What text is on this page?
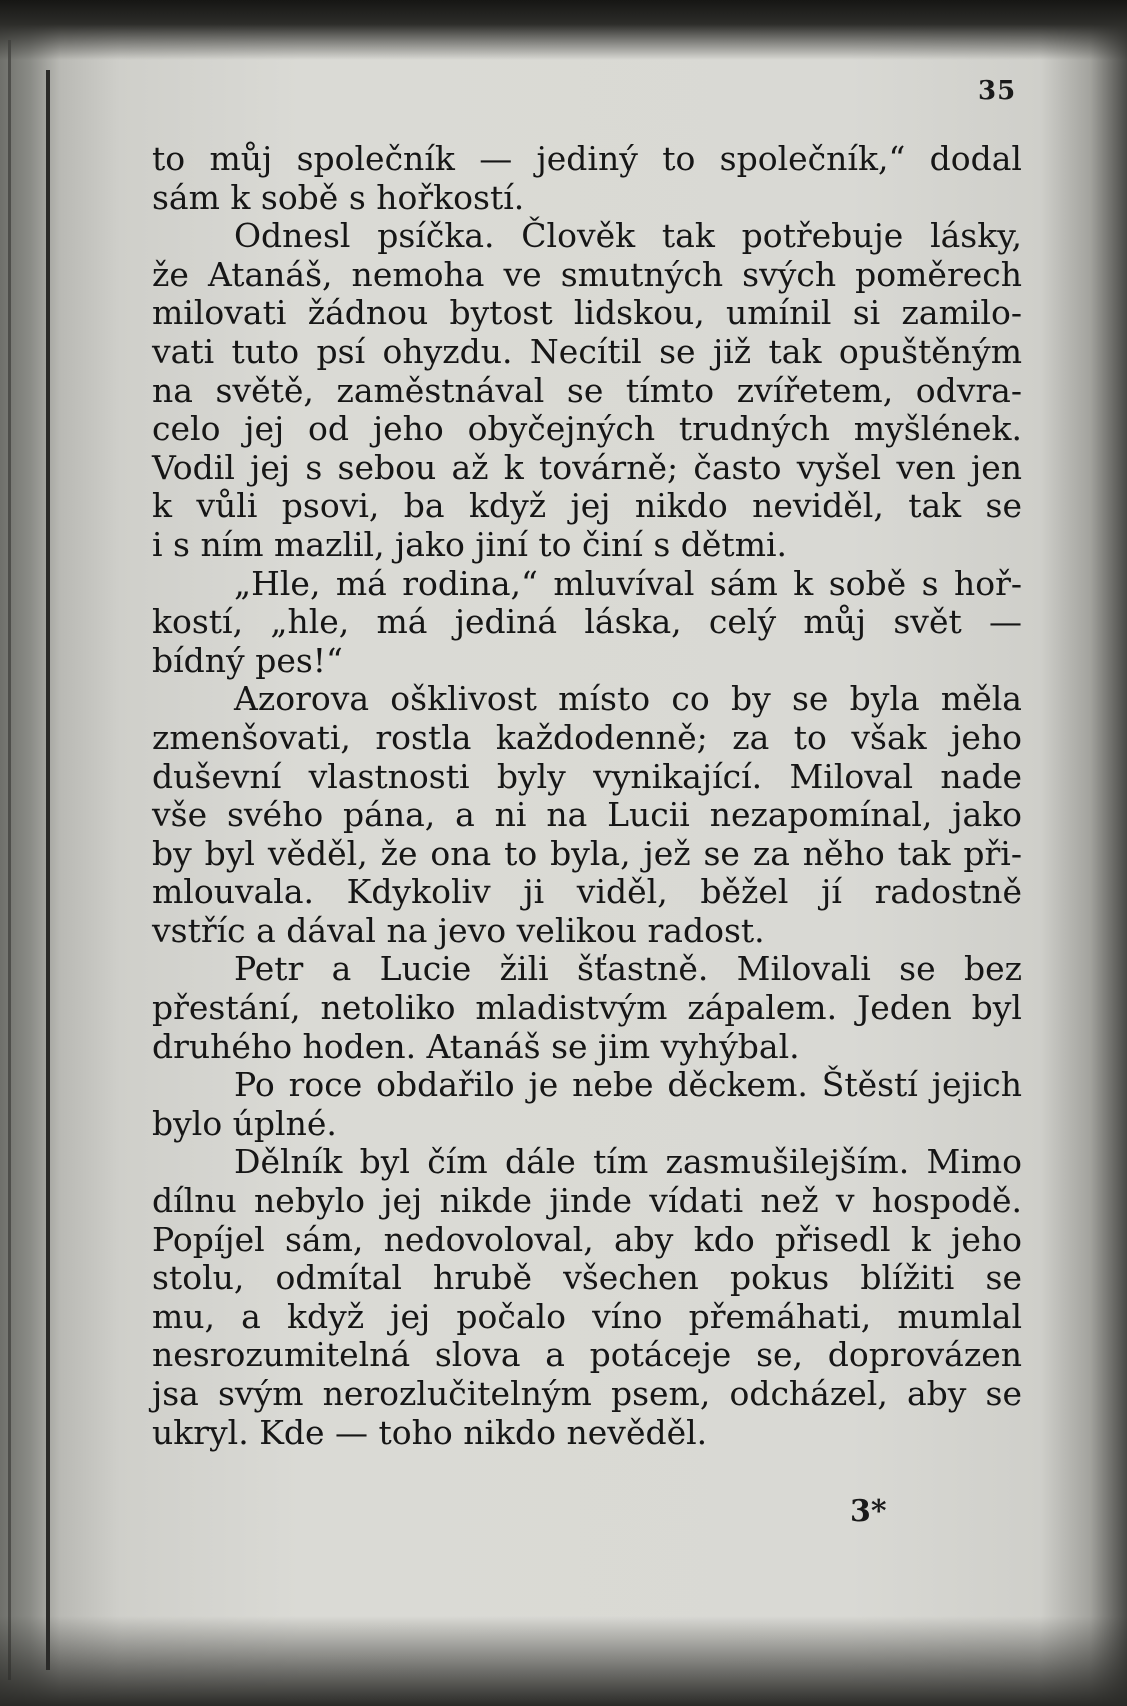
35
to můj společník — jediný to společník,“ dodal
sám k sobě s hořkostí.
Odnesl psíčka. Člověk tak potřebuje lásky,
že Atanáš, nemoha ve smutných svých poměrech
milovati žádnou bytost lidskou, umínil si zamilo-
vati tuto psí ohyzdu. Necítil se již tak opuštěným
na světě, zaměstnával se tímto zvířetem, odvra-
celo jej od jeho obyčejných trudných myšlének.
Vodil jej s sebou až k továrně; často vyšel ven jen
k vůli psovi, ba když jej nikdo neviděl, tak se
i s ním mazlil, jako jiní to činí s dětmi.
„Hle, má rodina,“ mluvíval sám k sobě s hoř-
kostí, „hle, má jediná láska, celý můj svět —
bídný pes!“
Azorova ošklivost místo co by se byla měla
zmenšovati, rostla každodenně; za to však jeho
duševní vlastnosti byly vynikající. Miloval nade
vše svého pána, a ni na Lucii nezapomínal, jako
by byl věděl, že ona to byla, jež se za něho tak při-
mlouvala. Kdykoliv ji viděl, běžel jí radostně
vstříc a dával na jevo velikou radost.
Petr a Lucie žili šťastně. Milovali se bez
přestání, netoliko mladistvým zápalem. Jeden byl
druhého hoden. Atanáš se jim vyhýbal.
Po roce obdařilo je nebe děckem. Štěstí jejich
bylo úplné.
Dělník byl čím dále tím zasmušilejším. Mimo
dílnu nebylo jej nikde jinde vídati než v hospodě.
Popíjel sám, nedovoloval, aby kdo přisedl k jeho
stolu, odmítal hrubě všechen pokus blížiti se
mu, a když jej počalo víno přemáhati, mumlal
nesrozumitelná slova a potáceje se, doprovázen
jsa svým nerozlučitelným psem, odcházel, aby se
ukryl. Kde — toho nikdo nevěděl.
3*
